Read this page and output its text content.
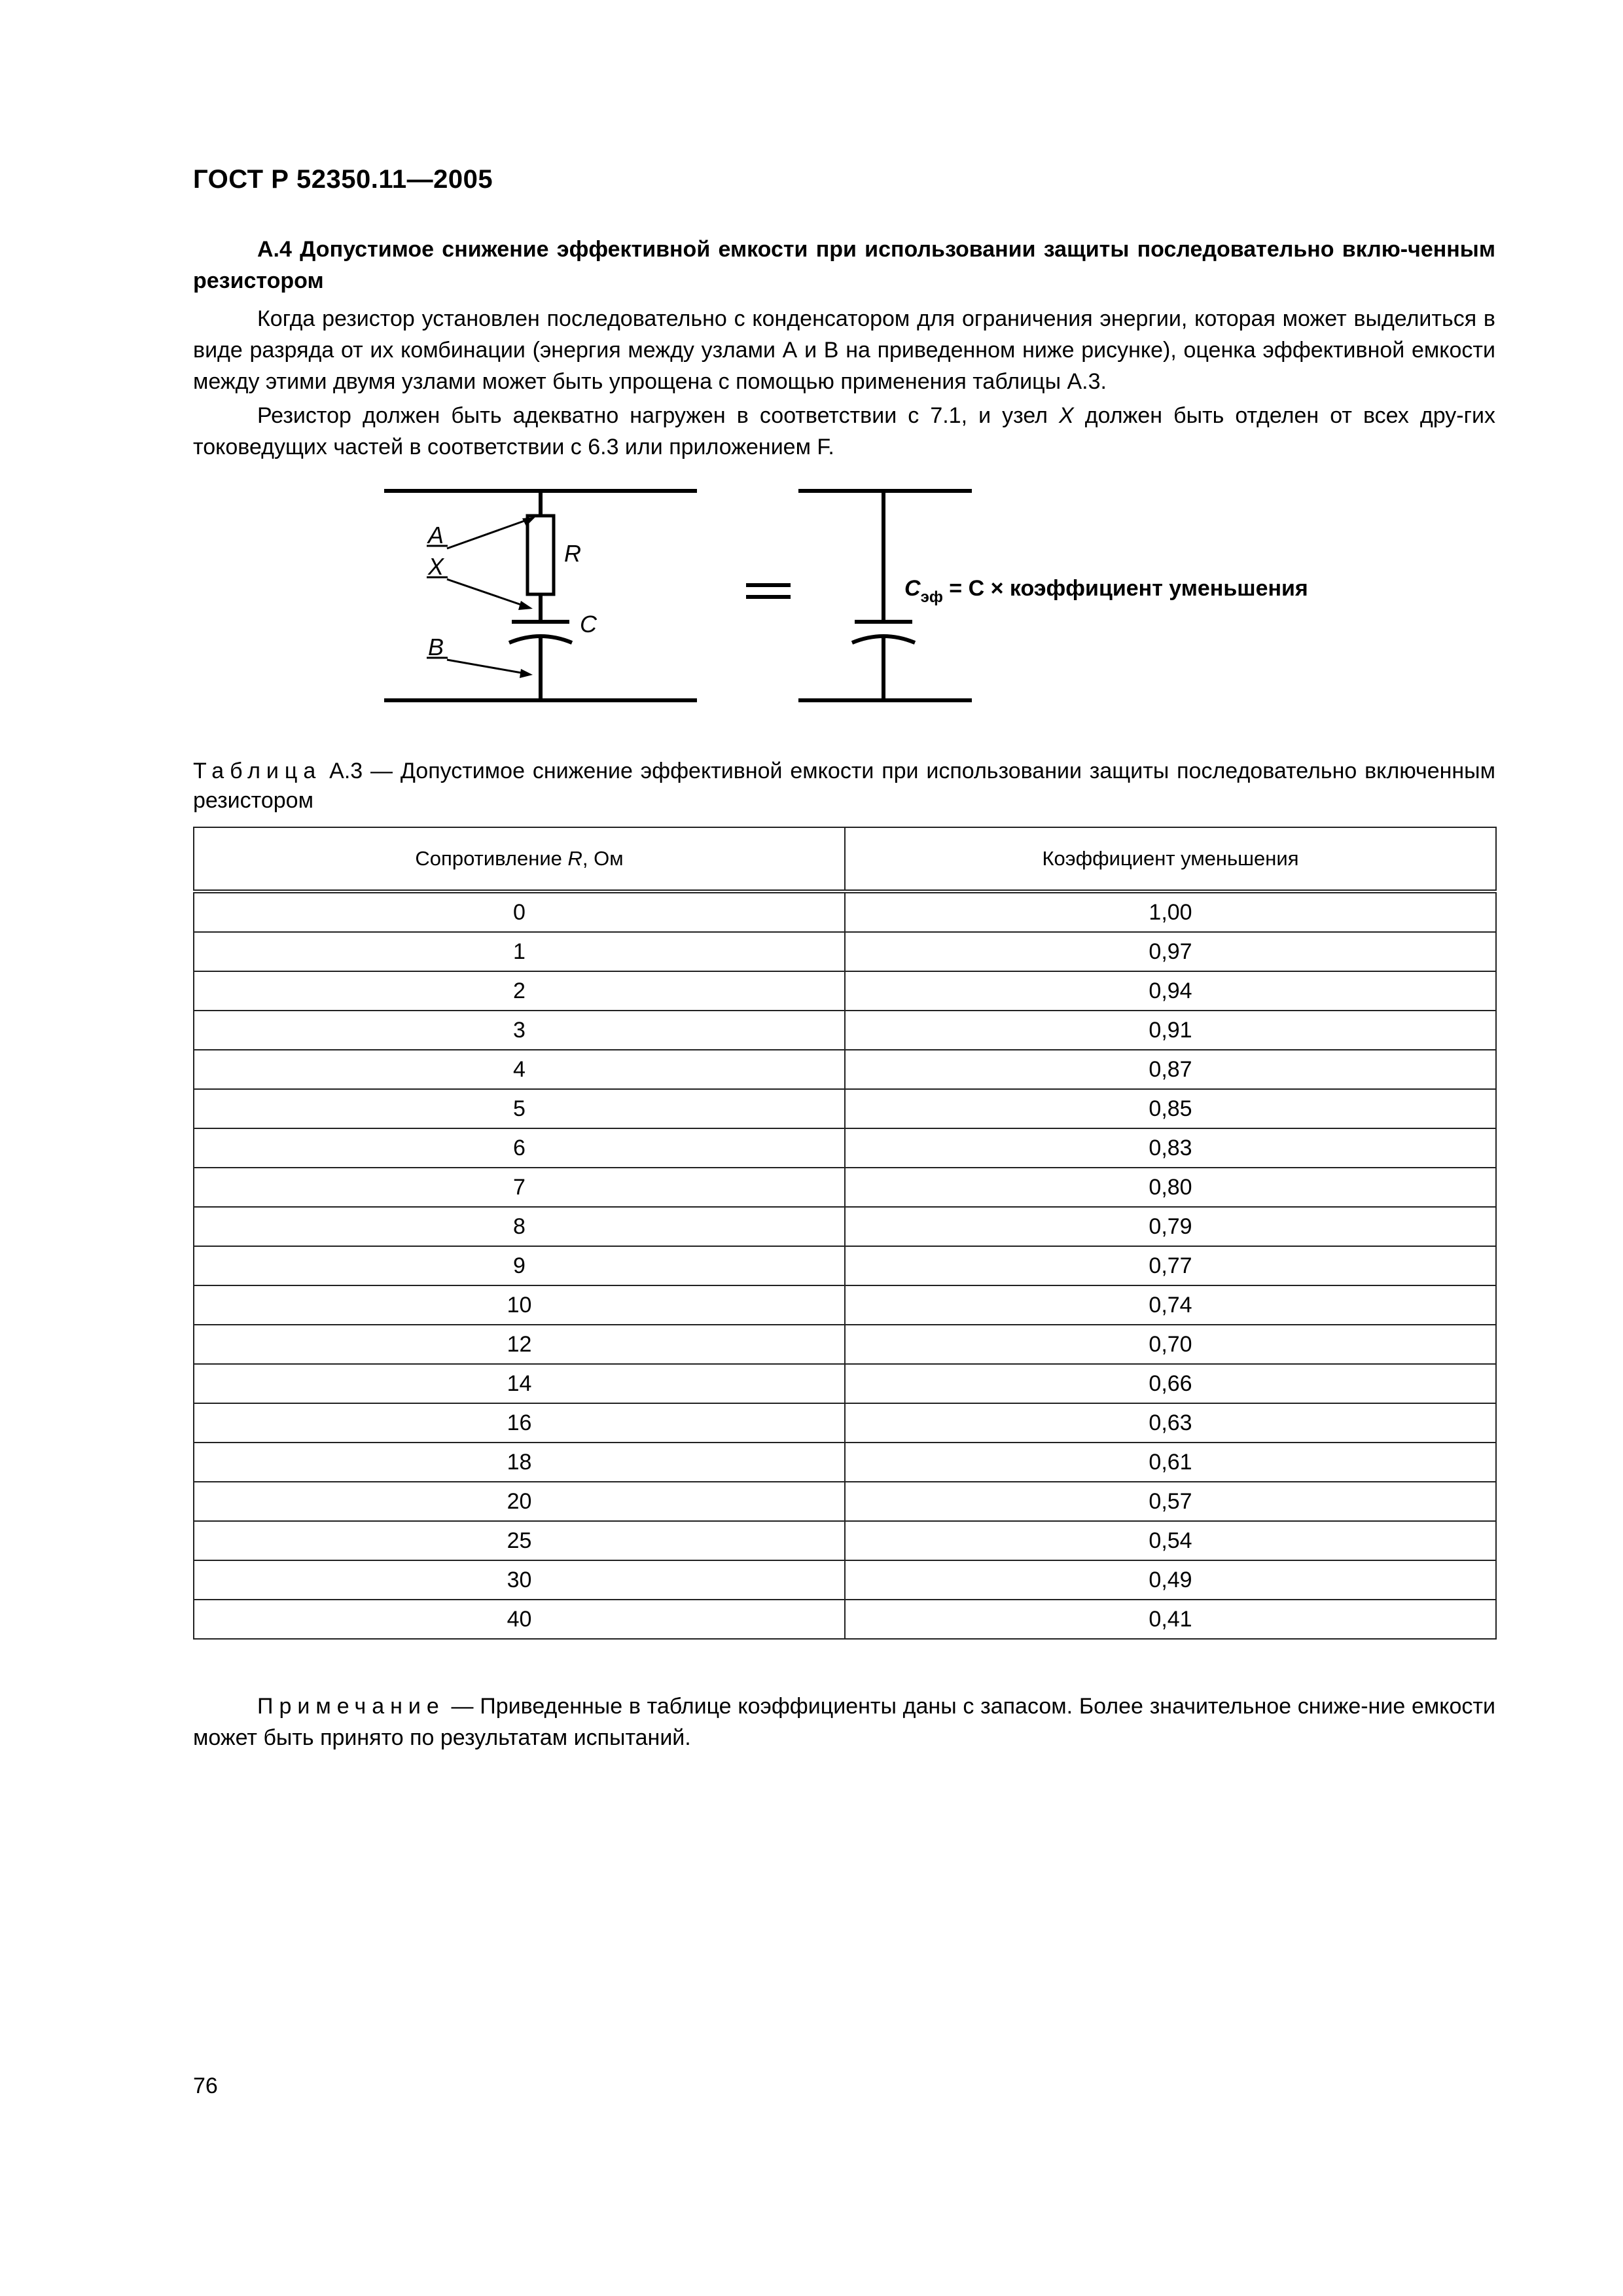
ГОСТ Р 52350.11—2005
А.4 Допустимое снижение эффективной емкости при использовании защиты последовательно вклю-ченным резистором
Когда резистор установлен последовательно с конденсатором для ограничения энергии, которая может выделиться в виде разряда от их комбинации (энергия между узлами А и В на приведенном ниже рисунке), оценка эффективной емкости между этими двумя узлами может быть упрощена с помощью применения таблицы А.3.
Резистор должен быть адекватно нагружен в соответствии с 7.1, и узел X должен быть отделен от всех дру-гих токоведущих частей в соответствии с 6.3 или приложением F.
A
X
B
R
C
$C_{эф} = C$ × коэффициент уменьшения
Таблица А.3 — Допустимое снижение эффективной емкости при использовании защиты последовательно включенным резистором
Сопротивление R, Ом	Коэффициент уменьшения
0	1,00
1	0,97
2	0,94
3	0,91
4	0,87
5	0,85
6	0,83
7	0,80
8	0,79
9	0,77
10	0,74
12	0,70
14	0,66
16	0,63
18	0,61
20	0,57
25	0,54
30	0,49
40	0,41
Примечание — Приведенные в таблице коэффициенты даны с запасом. Более значительное сниже-ние емкости может быть принято по результатам испытаний.
76
